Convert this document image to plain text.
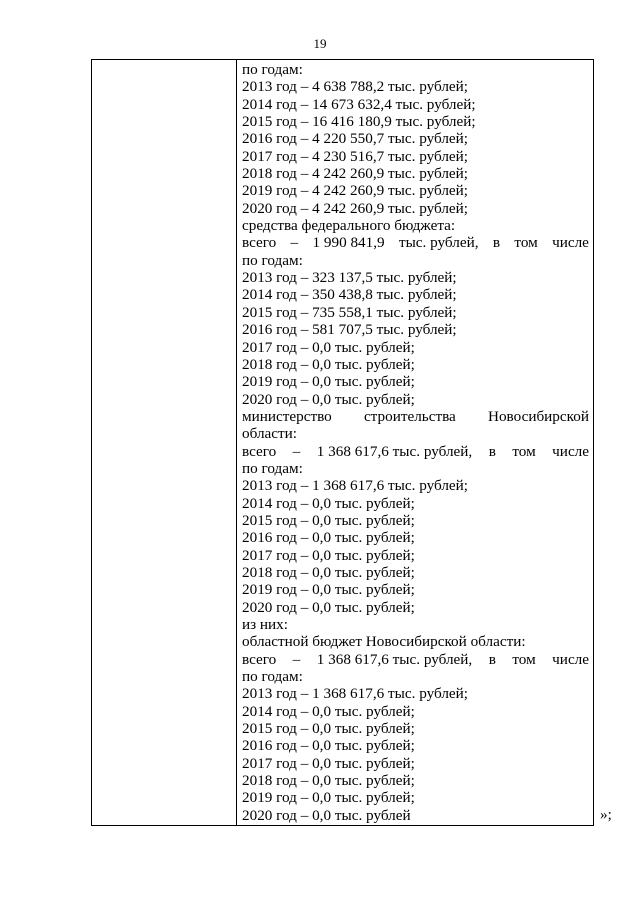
19
по годам:
2013 год – 4 638 788,2 тыс. рублей;
2014 год – 14 673 632,4 тыс. рублей;
2015 год – 16 416 180,9 тыс. рублей;
2016 год – 4 220 550,7 тыс. рублей;
2017 год – 4 230 516,7 тыс. рублей;
2018 год – 4 242 260,9 тыс. рублей;
2019 год – 4 242 260,9 тыс. рублей;
2020 год – 4 242 260,9 тыс. рублей;
средства федерального бюджета:
всего – 1 990 841,9 тыс. рублей, в том числе
по годам:
2013 год – 323 137,5 тыс. рублей;
2014 год – 350 438,8 тыс. рублей;
2015 год – 735 558,1 тыс. рублей;
2016 год – 581 707,5 тыс. рублей;
2017 год – 0,0 тыс. рублей;
2018 год – 0,0 тыс. рублей;
2019 год – 0,0 тыс. рублей;
2020 год – 0,0 тыс. рублей;
министерство строительства Новосибирской
области:
всего – 1 368 617,6 тыс. рублей, в том числе
по годам:
2013 год – 1 368 617,6 тыс. рублей;
2014 год – 0,0 тыс. рублей;
2015 год – 0,0 тыс. рублей;
2016 год – 0,0 тыс. рублей;
2017 год – 0,0 тыс. рублей;
2018 год – 0,0 тыс. рублей;
2019 год – 0,0 тыс. рублей;
2020 год – 0,0 тыс. рублей;
из них:
областной бюджет Новосибирской области:
всего – 1 368 617,6 тыс. рублей, в том числе
по годам:
2013 год – 1 368 617,6 тыс. рублей;
2014 год – 0,0 тыс. рублей;
2015 год – 0,0 тыс. рублей;
2016 год – 0,0 тыс. рублей;
2017 год – 0,0 тыс. рублей;
2018 год – 0,0 тыс. рублей;
2019 год – 0,0 тыс. рублей;
2020 год – 0,0 тыс. рублей	»;
